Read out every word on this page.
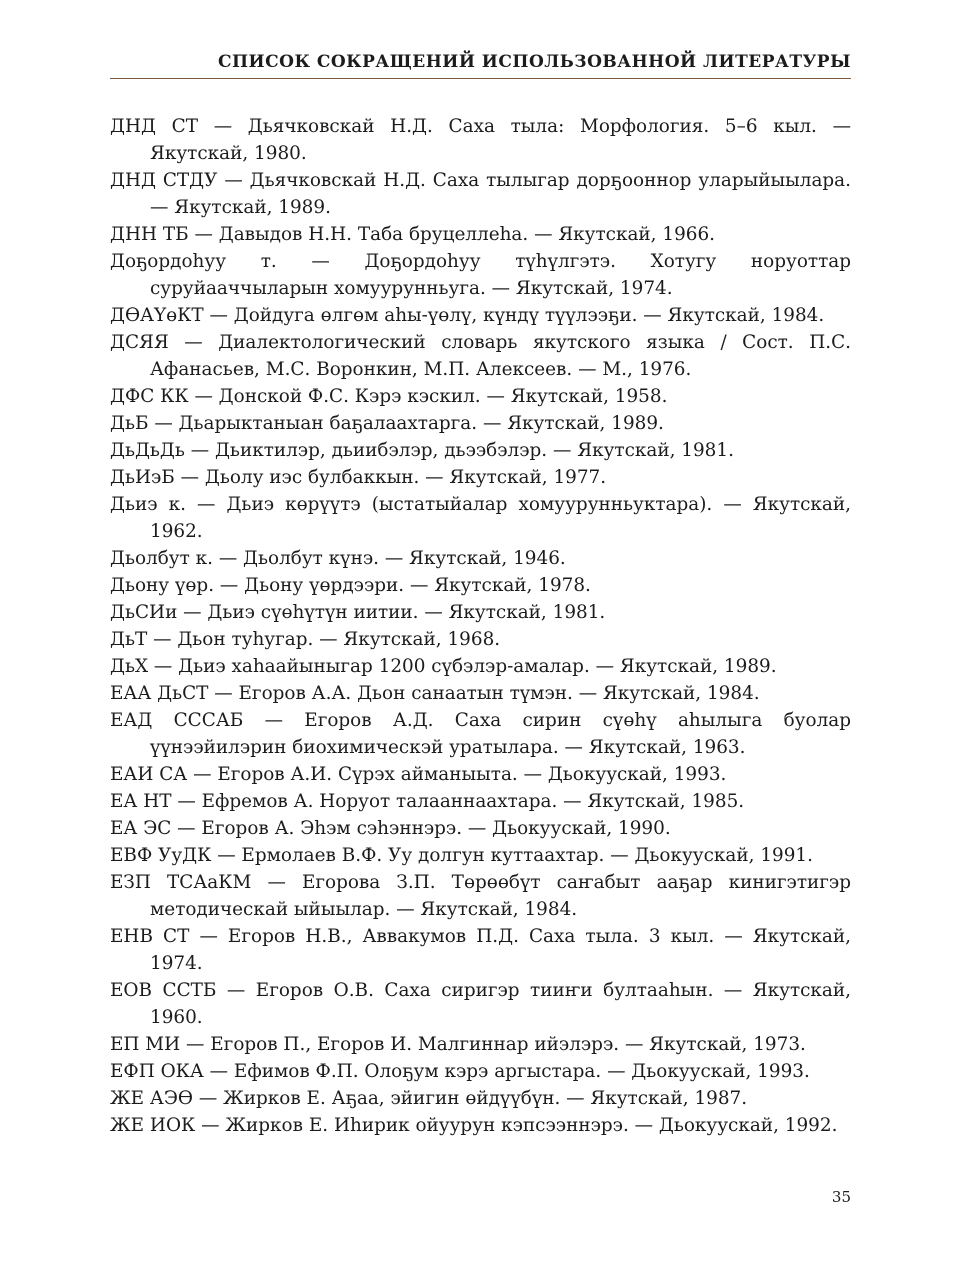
СПИСОК СОКРАЩЕНИЙ ИСПОЛЬЗОВАННОЙ ЛИТЕРАТУРЫ

ДНД СТ — Дьячковскай Н.Д. Саха тыла: Морфология. 5–6 кыл. — Якутскай, 1980.

ДНД СТДУ — Дьячковскай Н.Д. Саха тылыгар дорҕооннор уларыйыыларa. — Якутскай, 1989.

ДНН ТБ — Давыдов Н.Н. Таба бруцеллеhа. — Якутскай, 1966.

Доҕордоhуу т. — Доҕордоhуу түhүлгэтэ. Хотугу норуоттар суруйааччыларын хомуурунньуга. — Якутскай, 1974.

ДӨАҮөКТ — Дойдуга өлгөм аhы-үөлү, күндү түүлээҕи. — Якутскай, 1984.

ДСЯЯ — Диалектологический словарь якутского языка / Сост. П.С. Афанасьев, М.С. Воронкин, М.П. Алексеев. — М., 1976.

ДФС КК — Донской Ф.С. Кэрэ кэскил. — Якутскай, 1958.

ДьБ — Дьарыктаныан баҕалаахтарга. — Якутскай, 1989.

ДьДьДь — Дьиктилэр, дьиибэлэр, дьээбэлэр. — Якутскай, 1981.

ДьИэБ — Дьолу иэс булбаккын. — Якутскай, 1977.

Дьиэ к. — Дьиэ көрүүтэ (ыстатыйалар хомуурунньуктара). — Якутскай, 1962.

Дьолбут к. — Дьолбут күнэ. — Якутскай, 1946.

Дьону үөр. — Дьону үөрдээри. — Якутскай, 1978.

ДьСИи — Дьиэ сүөhүтүн иитии. — Якутскай, 1981.

ДьТ — Дьон туhугар. — Якутскай, 1968.

ДьХ — Дьиэ хаhаайыныгар 1200 сүбэлэр-амалар. — Якутскай, 1989.

ЕАА ДьСТ — Егоров А.А. Дьон санаатын түмэн. — Якутскай, 1984.

ЕАД СССАБ — Егоров А.Д. Саха сирин сүөhү аhылыгa буолар үүнээйилэрин биохимическэй уратылара. — Якутскай, 1963.

ЕАИ СА — Егоров А.И. Сүрэх айманыыта. — Дьокуускай, 1993.

ЕА НТ — Ефремов А. Норуот талааннаахтара. — Якутскай, 1985.

ЕА ЭС — Егоров А. Эhэм сэhэннэрэ. — Дьокуускай, 1990.

ЕВФ УуДК — Ермолаев В.Ф. Уу долгун куттаахтар. — Дьокуускай, 1991.

ЕЗП ТСАаКМ — Егорова З.П. Төрөөбүт саҥабыт ааҕар кинигэтигэр методическай ыйыылар. — Якутскай, 1984.

ЕНВ СТ — Егоров Н.В., Аввакумов П.Д. Саха тыла. 3 кыл. — Якутскай, 1974.

ЕОВ ССТБ — Егоров О.В. Саха сиригэр тииҥи бултааhын. — Якутскай, 1960.

ЕП МИ — Егоров П., Егоров И. Малгиннар ийэлэрэ. — Якутскай, 1973.

ЕФП ОКА — Ефимов Ф.П. Олоҕум кэрэ аргыстара. — Дьокуускай, 1993.

ЖЕ АЭӨ — Жирков Е. Аҕаа, эйиги​н өйдүүбүн. — Якутскай, 1987.

ЖЕ ИОК — Жирков Е. Иhирик ойуурун кэпсээннэрэ. — Дьокуускай, 1992.

35
